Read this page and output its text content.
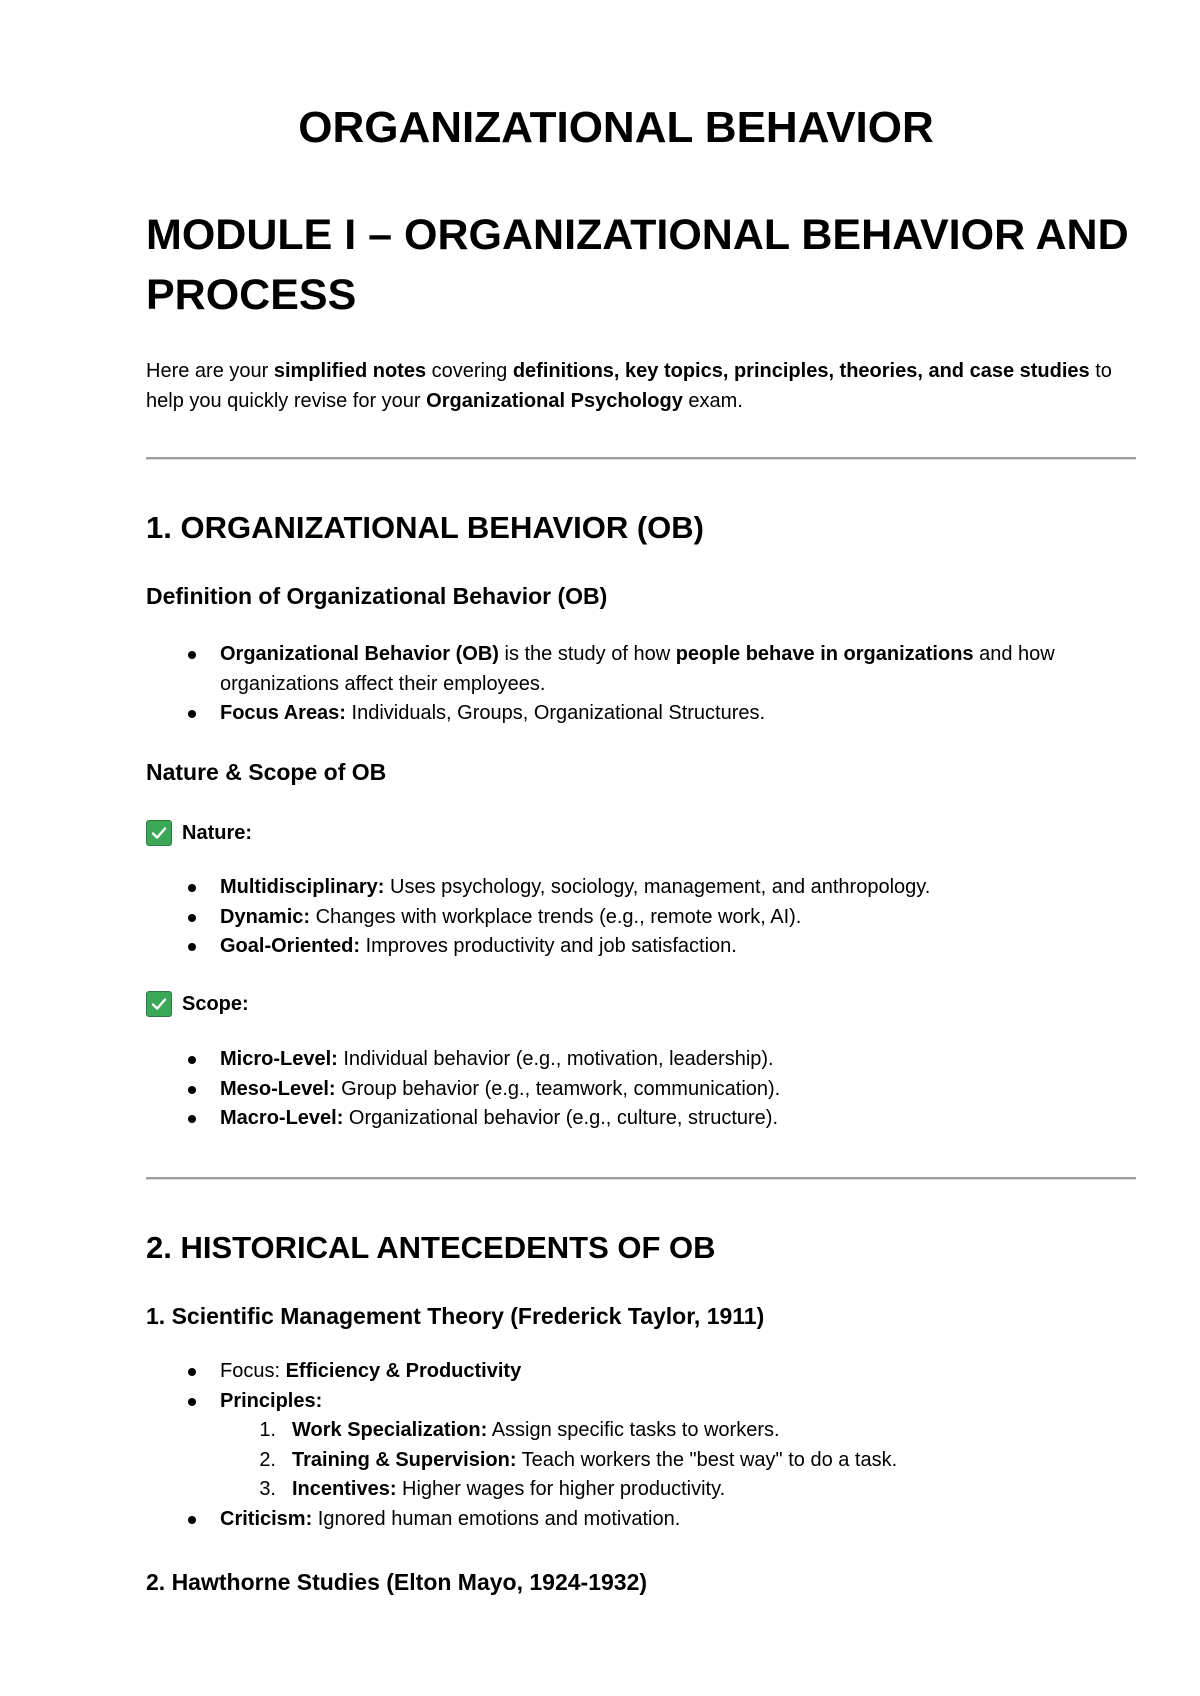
ORGANIZATIONAL BEHAVIOR
MODULE I – ORGANIZATIONAL BEHAVIOR AND PROCESS

Here are your simplified notes covering definitions, key topics, principles, theories, and case studies to help you quickly revise for your Organizational Psychology exam.

1. ORGANIZATIONAL BEHAVIOR (OB)
Definition of Organizational Behavior (OB)
Organizational Behavior (OB) is the study of how people behave in organizations and how organizations affect their employees.
Focus Areas: Individuals, Groups, Organizational Structures.
Nature & Scope of OB
Nature:
Multidisciplinary: Uses psychology, sociology, management, and anthropology.
Dynamic: Changes with workplace trends (e.g., remote work, AI).
Goal-Oriented: Improves productivity and job satisfaction.
Scope:
Micro-Level: Individual behavior (e.g., motivation, leadership).
Meso-Level: Group behavior (e.g., teamwork, communication).
Macro-Level: Organizational behavior (e.g., culture, structure).
2. HISTORICAL ANTECEDENTS OF OB
1. Scientific Management Theory (Frederick Taylor, 1911)
Focus: Efficiency & Productivity
Principles:
1. Work Specialization: Assign specific tasks to workers.
2. Training & Supervision: Teach workers the "best way" to do a task.
3. Incentives: Higher wages for higher productivity.
Criticism: Ignored human emotions and motivation.
2. Hawthorne Studies (Elton Mayo, 1924-1932)
